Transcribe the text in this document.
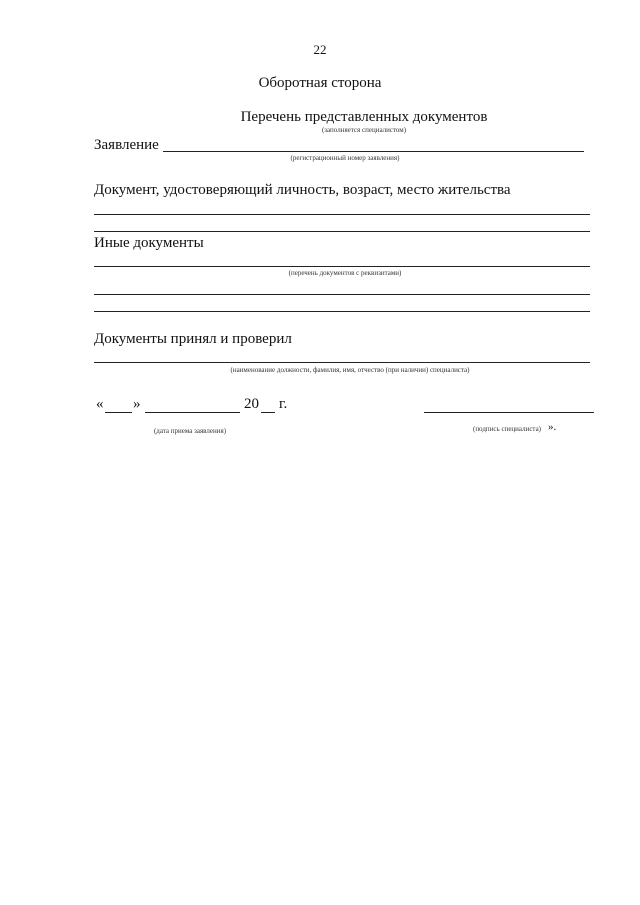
22
Оборотная сторона
Перечень представленных документов
(заполняется специалистом)
Заявление
(регистрационный номер заявления)
Документ, удостоверяющий личность, возраст, место жительства
Иные документы
(перечень документов с реквизитами)
Документы принял и проверил
(наименование должности, фамилия, имя, отчество (при наличии) специалиста)
« »	20 г.
(дата приема заявления)	(подпись специалиста) ».
